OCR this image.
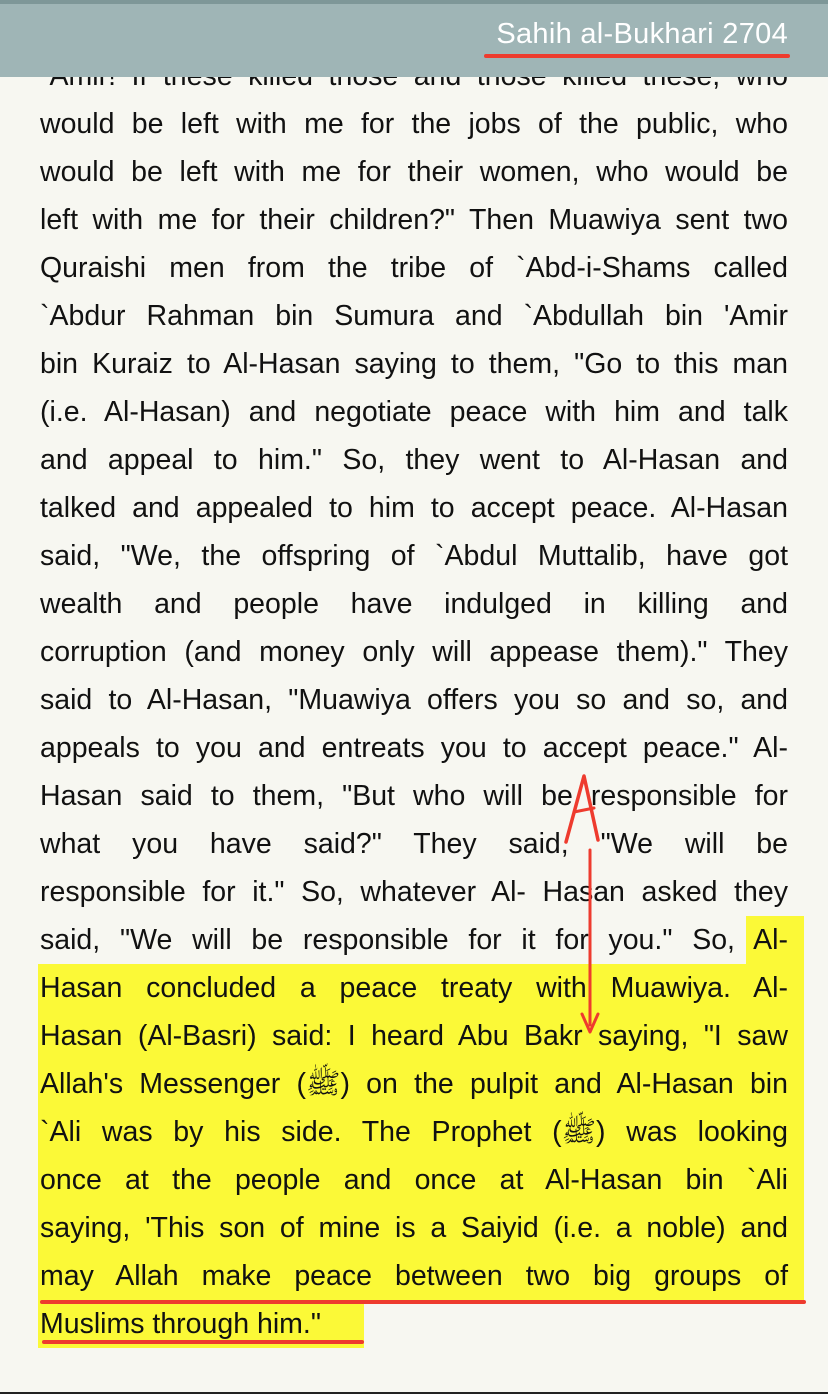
would be left with me for the jobs of the public, who
would be left with me for their women, who would be
left with me for their children?" Then Muawiya sent two
Quraishi men from the tribe of `Abd-i-Shams called
`Abdur Rahman bin Sumura and `Abdullah bin 'Amir
bin Kuraiz to Al-Hasan saying to them, "Go to this man
(i.e. Al-Hasan) and negotiate peace with him and talk
and appeal to him." So, they went to Al-Hasan and
talked and appealed to him to accept peace. Al-Hasan
said, "We, the offspring of `Abdul Muttalib, have got
wealth and people have indulged in killing and
corruption (and money only will appease them)." They
said to Al-Hasan, "Muawiya offers you so and so, and
appeals to you and entreats you to accept peace." Al-
Hasan said to them, "But who will be responsible for
what you have said?" They said, "We will be
responsible for it." So, whatever Al- Hasan asked they
said, "We will be responsible for it for you." So, Al-
Hasan concluded a peace treaty with Muawiya. Al-
Hasan (Al-Basri) said: I heard Abu Bakr saying, "I saw
Allah's Messenger (ﷺ) on the pulpit and Al-Hasan bin
`Ali was by his side. The Prophet (ﷺ) was looking
once at the people and once at Al-Hasan bin `Ali
saying, 'This son of mine is a Saiyid (i.e. a noble) and
may Allah make peace between two big groups of
Muslims through him."
Sahih al-Bukhari 2704
